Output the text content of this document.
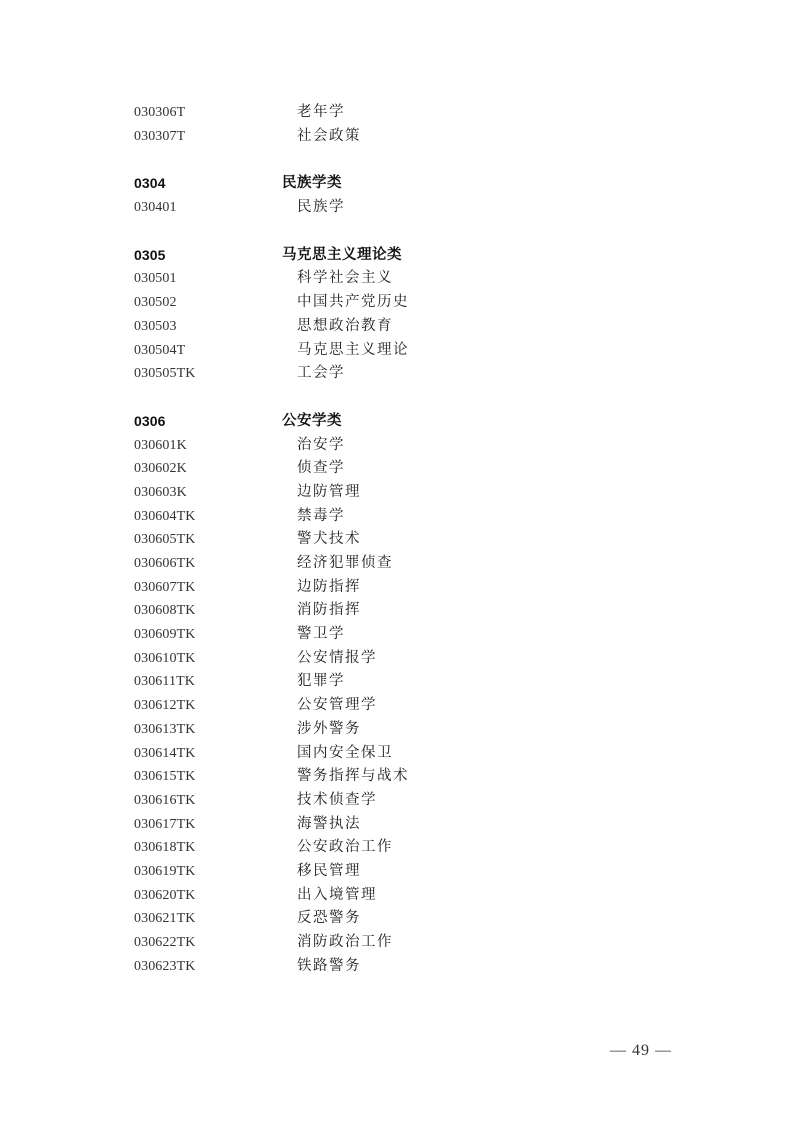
030306T	老年学
030307T	社会政策
0304	民族学类
030401	民族学
0305	马克思主义理论类
030501	科学社会主义
030502	中国共产党历史
030503	思想政治教育
030504T	马克思主义理论
030505TK	工会学
0306	公安学类
030601K	治安学
030602K	侦查学
030603K	边防管理
030604TK	禁毒学
030605TK	警犬技术
030606TK	经济犯罪侦查
030607TK	边防指挥
030608TK	消防指挥
030609TK	警卫学
030610TK	公安情报学
030611TK	犯罪学
030612TK	公安管理学
030613TK	涉外警务
030614TK	国内安全保卫
030615TK	警务指挥与战术
030616TK	技术侦查学
030617TK	海警执法
030618TK	公安政治工作
030619TK	移民管理
030620TK	出入境管理
030621TK	反恐警务
030622TK	消防政治工作
030623TK	铁路警务
— 49 —
